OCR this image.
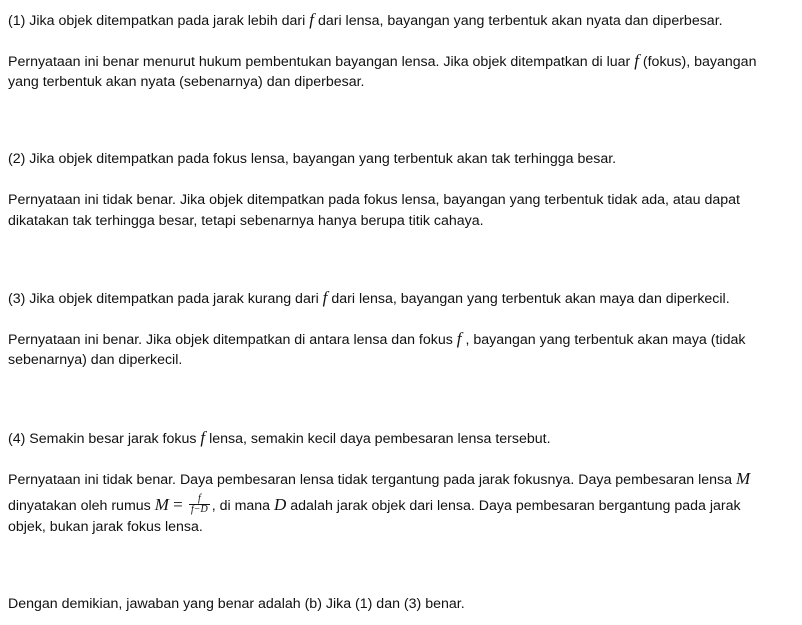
(1) Jika objek ditempatkan pada jarak lebih dari f dari lensa, bayangan yang terbentuk akan nyata dan diperbesar.
Pernyataan ini benar menurut hukum pembentukan bayangan lensa. Jika objek ditempatkan di luar f (fokus), bayangan
yang terbentuk akan nyata (sebenarnya) dan diperbesar.
(2) Jika objek ditempatkan pada fokus lensa, bayangan yang terbentuk akan tak terhingga besar.
Pernyataan ini tidak benar. Jika objek ditempatkan pada fokus lensa, bayangan yang terbentuk tidak ada, atau dapat
dikatakan tak terhingga besar, tetapi sebenarnya hanya berupa titik cahaya.
(3) Jika objek ditempatkan pada jarak kurang dari f dari lensa, bayangan yang terbentuk akan maya dan diperkecil.
Pernyataan ini benar. Jika objek ditempatkan di antara lensa dan fokus f , bayangan yang terbentuk akan maya (tidak
sebenarnya) dan diperkecil.
(4) Semakin besar jarak fokus f lensa, semakin kecil daya pembesaran lensa tersebut.
Pernyataan ini tidak benar. Daya pembesaran lensa tidak tergantung pada jarak fokusnya. Daya pembesaran lensa M
dinyatakan oleh rumus $M = \frac{f}{f-D}$ , di mana D adalah jarak objek dari lensa. Daya pembesaran bergantung pada jarak
objek, bukan jarak fokus lensa.
Dengan demikian, jawaban yang benar adalah (b) Jika (1) dan (3) benar.
